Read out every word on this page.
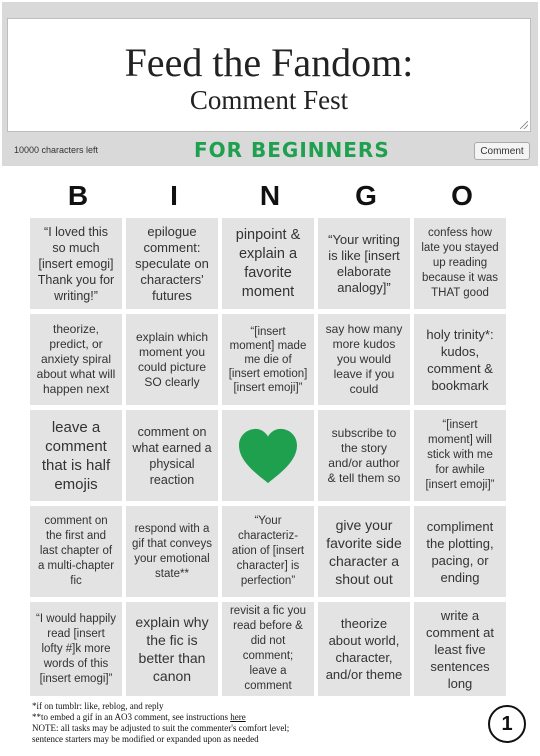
Feed the Fandom:
Comment Fest
10000 characters left	FOR BEGINNERS	Comment
B	I	N	G	O
“I loved this so much [insert emogi] Thank you for writing!”
epilogue comment: speculate on characters' futures
pinpoint & explain a favorite moment
“Your writing is like [insert elaborate analogy]”
confess how late you stayed up reading because it was THAT good
theorize, predict, or anxiety spiral about what will happen next
explain which moment you could picture SO clearly
“[insert moment] made me die of [insert emotion] [insert emoji]”
say how many more kudos you would leave if you could
holy trinity*: kudos, comment & bookmark
leave a comment that is half emojis
comment on what earned a physical reaction
subscribe to the story and/or author & tell them so
“[insert moment] will stick with me for awhile [insert emoji]”
comment on the first and last chapter of a multi-chapter fic
respond with a gif that conveys your emotional state**
“Your characteriz-ation of [insert character] is perfection”
give your favorite side character a shout out
compliment the plotting, pacing, or ending
“I would happily read [insert lofty #]k more words of this [insert emogi]”
explain why the fic is better than canon
revisit a fic you read before & did not comment; leave a comment
theorize about world, character, and/or theme
write a comment at least five sentences long
*if on tumblr: like, reblog, and reply
**to embed a gif in an AO3 comment, see instructions here
NOTE: all tasks may be adjusted to suit the commenter's comfort level;
sentence starters may be modified or expanded upon as needed
1
